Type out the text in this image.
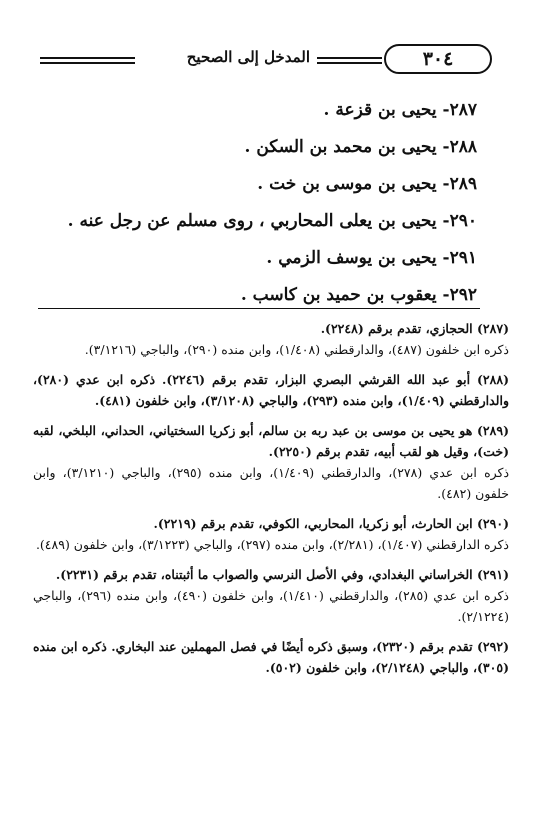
المدخل إلى الصحيح	٣٠٤
٢٨٧- يحيى بن قزعة .
٢٨٨- يحيى بن محمد بن السكن .
٢٨٩- يحيى بن موسى بن خت .
٢٩٠- يحيى بن يعلى المحاربي ، روى مسلم عن رجل عنه .
٢٩١- يحيى بن يوسف الزمي .
٢٩٢- يعقوب بن حميد بن كاسب .

(٢٨٧) الحجازي، تقدم برقم (٢٢٤٨).

ذكره ابن خلفون (٤٨٧)، والدارقطني (١/٤٠٨)، وابن منده (٢٩٠)، والباجي (٣/١٢١٦).

(٢٨٨) أبو عبد الله القرشي البصري البزار، تقدم برقم (٢٢٤٦). ذكره ابن عدي (٢٨٠)، والدارقطني (١/٤٠٩)، وابن منده (٢٩٣)، والباجي (٣/١٢٠٨)، وابن خلفون (٤٨١).

(٢٨٩) هو يحيى بن موسى بن عبد ربه بن سالم، أبو زكريا السختياني، الحداني، البلخي، لقبه (خت)، وقيل هو لقب أبيه، تقدم برقم (٢٢٥٠).

ذكره ابن عدي (٢٧٨)، والدارقطني (١/٤٠٩)، وابن منده (٢٩٥)، والباجي (٣/١٢١٠)، وابن خلفون (٤٨٢).

(٢٩٠) ابن الحارث، أبو زكريا، المحاربي، الكوفي، تقدم برقم (٢٢١٩).

ذكره الدارقطني (١/٤٠٧)، (٢/٢٨١)، وابن منده (٢٩٧)، والباجي (٣/١٢٢٣)، وابن خلفون (٤٨٩).

(٢٩١) الخراساني البغدادي، وفي الأصل النرسي والصواب ما أثبتناه، تقدم برقم (٢٢٣١).

ذكره ابن عدي (٢٨٥)، والدارقطني (١/٤١٠)، وابن خلفون (٤٩٠)، وابن منده (٢٩٦)، والباجي (٢/١٢٢٤).

(٢٩٢) تقدم برقم (٢٣٢٠)، وسبق ذكره أيضًا في فصل المهملين عند البخاري. ذكره ابن منده (٣٠٥)، والباجي (٢/١٢٤٨)، وابن خلفون (٥٠٢).
